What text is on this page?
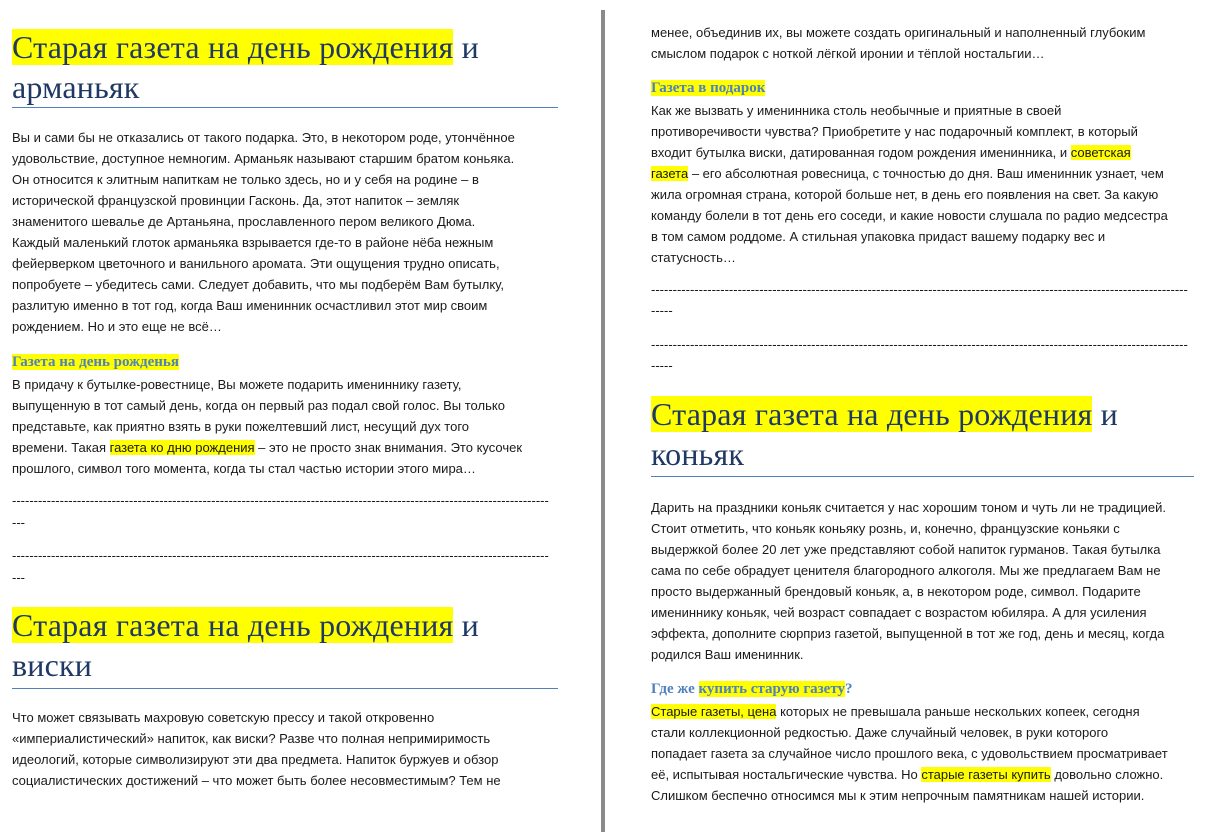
Старая газета на день рождения и
арманьяк
Вы и сами бы не отказались от такого подарка. Это, в некотором роде, утончённое
удовольствие, доступное немногим. Арманьяк называют старшим братом коньяка.
Он относится к элитным напиткам не только здесь, но и у себя на родине – в
исторической французской провинции Гасконь. Да, этот напиток – земляк
знаменитого шевалье де Артаньяна, прославленного пером великого Дюма.
Каждый маленький глоток арманьяка взрывается где-то в районе нёба нежным
фейерверком цветочного и ванильного аромата. Эти ощущения трудно описать,
попробуете – убедитесь сами. Следует добавить, что мы подберём Вам бутылку,
разлитую именно в тот год, когда Ваш именинник осчастливил этот мир своим
рождением. Но и это еще не всё…
Газета на день рожденья
В придачу к бутылке-ровестнице, Вы можете подарить имениннику газету,
выпущенную в тот самый день, когда он первый раз подал свой голос. Вы только
представьте, как приятно взять в руки пожелтевший лист, несущий дух того
времени. Такая газета ко дню рождения – это не просто знак внимания. Это кусочек
прошлого, символ того момента, когда ты стал частью истории этого мира…
----------------------------------------------------------------------------------------------------------------------------
---
----------------------------------------------------------------------------------------------------------------------------
---
Старая газета на день рождения и
виски
Что может связывать махровую советскую прессу и такой откровенно
«империалистический» напиток, как виски? Разве что полная непримиримость
идеологий, которые символизируют эти два предмета. Напиток буржуев и обзор
социалистических достижений – что может быть более несовместимым? Тем не
менее, объединив их, вы можете создать оригинальный и наполненный глубоким
смыслом подарок с ноткой лёгкой иронии и тёплой ностальгии…
Газета в подарок
Как же вызвать у именинника столь необычные и приятные в своей
противоречивости чувства? Приобретите у нас подарочный комплект, в который
входит бутылка виски, датированная годом рождения именинника, и советская
газета – его абсолютная ровесница, с точностью до дня. Ваш именинник узнает, чем
жила огромная страна, которой больше нет, в день его появления на свет. За какую
команду болели в тот день его соседи, и какие новости слушала по радио медсестра
в том самом роддоме. А стильная упаковка придаст вашему подарку вес и
статусность…
----------------------------------------------------------------------------------------------------------------------------
-----
----------------------------------------------------------------------------------------------------------------------------
-----
Старая газета на день рождения и
коньяк
Дарить на праздники коньяк считается у нас хорошим тоном и чуть ли не традицией.
Стоит отметить, что коньяк коньяку рознь, и, конечно, французские коньяки с
выдержкой более 20 лет уже представляют собой напиток гурманов. Такая бутылка
сама по себе обрадует ценителя благородного алкоголя. Мы же предлагаем Вам не
просто выдержанный брендовый коньяк, а, в некотором роде, символ. Подарите
имениннику коньяк, чей возраст совпадает с возрастом юбиляра. А для усиления
эффекта, дополните сюрприз газетой, выпущенной в тот же год, день и месяц, когда
родился Ваш именинник.
Где же купить старую газету?
Старые газеты, цена которых не превышала раньше нескольких копеек, сегодня
стали коллекционной редкостью. Даже случайный человек, в руки которого
попадает газета за случайное число прошлого века, с удовольствием просматривает
её, испытывая ностальгические чувства. Но старые газеты купить довольно сложно.
Слишком беспечно относимся мы к этим непрочным памятникам нашей истории.
